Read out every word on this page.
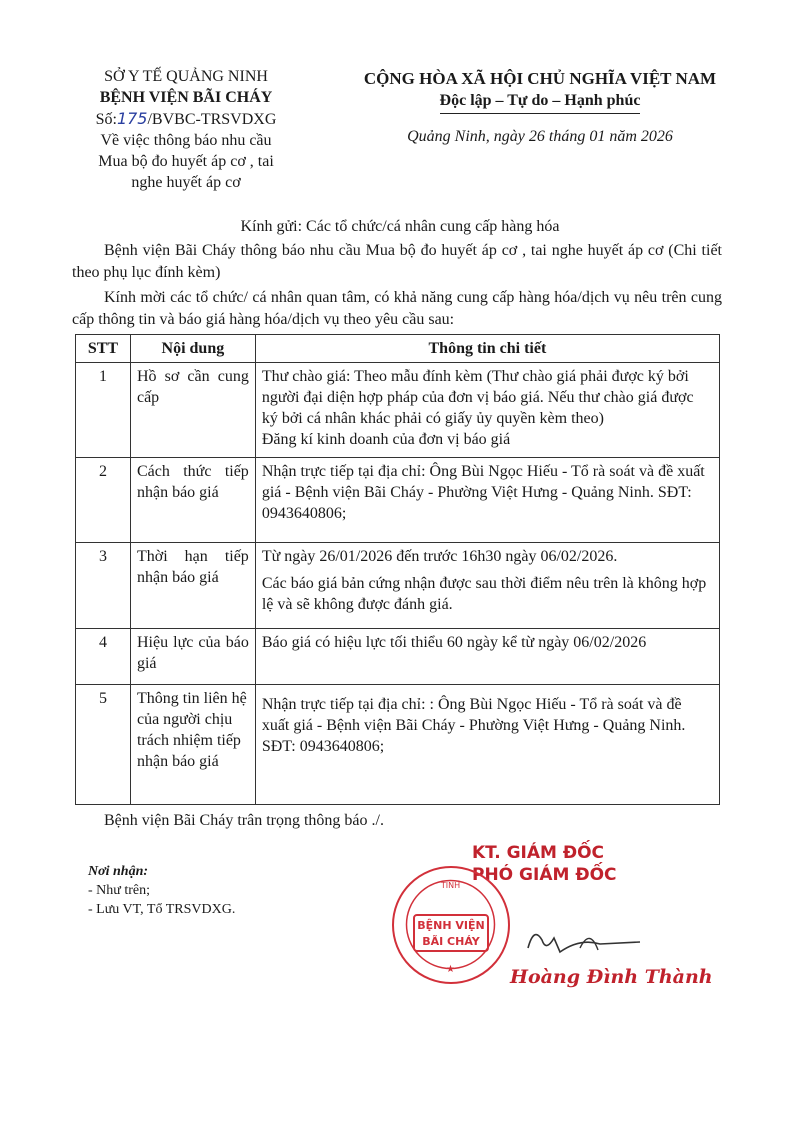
SỞ Y TẾ QUẢNG NINH
BỆNH VIỆN BÃI CHÁY
Số:175/BVBC-TRSVDXG
Về việc thông báo nhu cầu
Mua bộ đo huyết áp cơ , tai
nghe huyết áp cơ
CỘNG HÒA XÃ HỘI CHỦ NGHĨA VIỆT NAM
Độc lập – Tự do – Hạnh phúc
Quảng Ninh, ngày 26 tháng 01 năm 2026
Kính gửi: Các tổ chức/cá nhân cung cấp hàng hóa
Bệnh viện Bãi Cháy thông báo nhu cầu Mua bộ đo huyết áp cơ , tai nghe huyết áp cơ (Chi tiết theo phụ lục đính kèm)
Kính mời các tổ chức/ cá nhân quan tâm, có khả năng cung cấp hàng hóa/dịch vụ nêu trên cung cấp thông tin và báo giá hàng hóa/dịch vụ theo yêu cầu sau:
STT	Nội dung	Thông tin chi tiết
1	Hồ sơ cần cung cấp	Thư chào giá: Theo mẫu đính kèm (Thư chào giá phải được ký bởi người đại diện hợp pháp của đơn vị báo giá. Nếu thư chào giá được ký bởi cá nhân khác phải có giấy ủy quyền kèm theo)
Đăng kí kinh doanh của đơn vị báo giá

2	Cách thức tiếp nhận báo giá	Nhận trực tiếp tại địa chỉ: Ông Bùi Ngọc Hiếu - Tổ rà soát và đề xuất giá - Bệnh viện Bãi Cháy - Phường Việt Hưng - Quảng Ninh. SĐT: 0943640806;

3	Thời hạn tiếp nhận báo giá	Từ ngày 26/01/2026 đến trước 16h30 ngày 06/02/2026.
Các báo giá bản cứng nhận được sau thời điểm nêu trên là không hợp lệ và sẽ không được đánh giá.

4	Hiệu lực của báo giá	Báo giá có hiệu lực tối thiểu 60 ngày kể từ ngày 06/02/2026

5	Thông tin liên hệ của người chịu trách nhiệm tiếp nhận báo giá	Nhận trực tiếp tại địa chỉ: : Ông Bùi Ngọc Hiếu - Tổ rà soát và đề xuất giá - Bệnh viện Bãi Cháy - Phường Việt Hưng - Quảng Ninh. SĐT: 0943640806;
Bệnh viện Bãi Cháy trân trọng thông báo ./.
Nơi nhận:
- Như trên;
- Lưu VT, Tổ TRSVDXG.
KT. GIÁM ĐỐC
PHÓ GIÁM ĐỐC
TỈNH
★
BỆNH VIỆN
BÃI CHÁY
Hoàng Đình Thành
